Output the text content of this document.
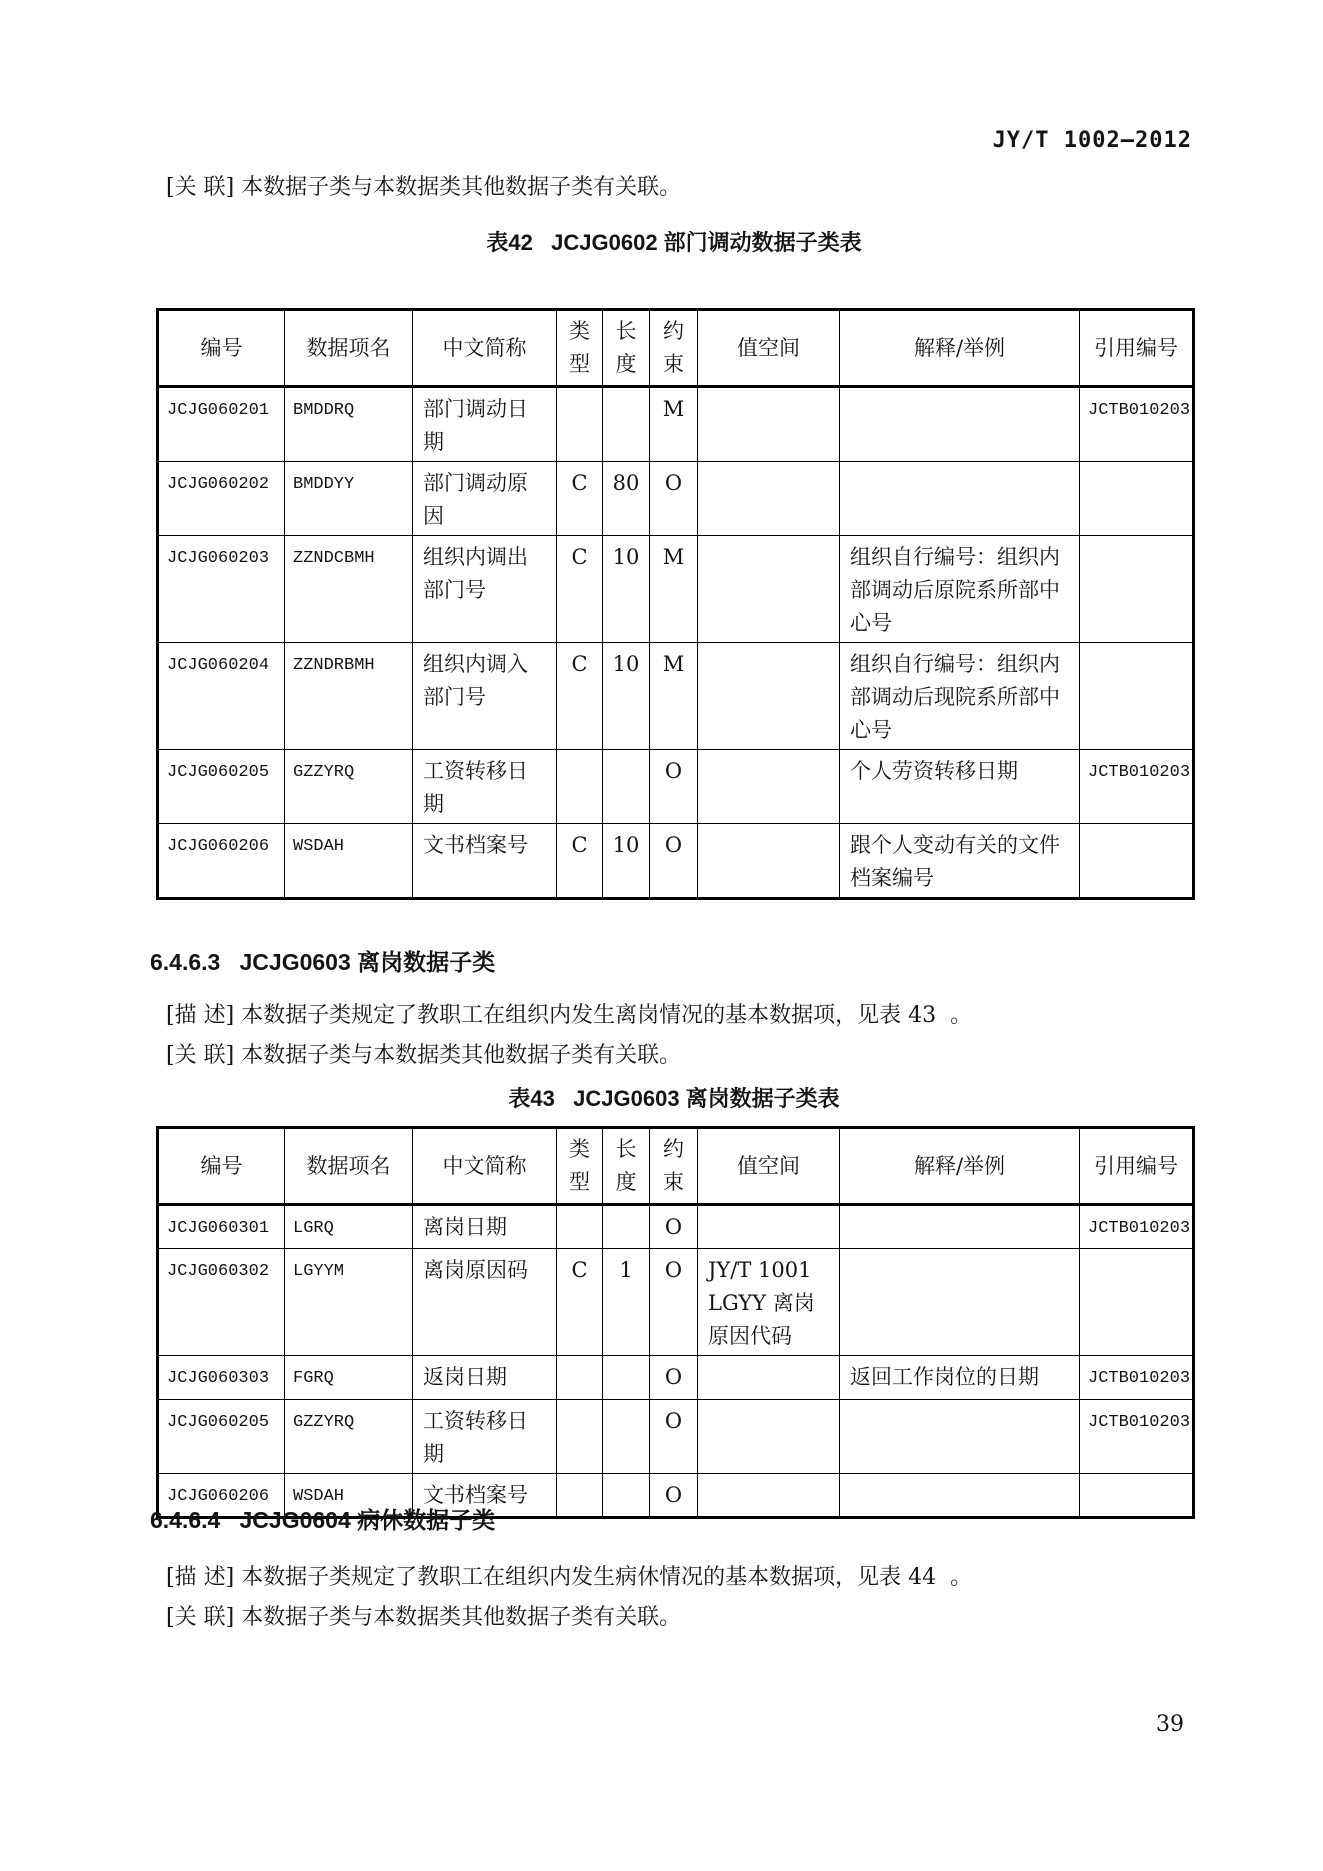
JY/T 1002—2012

[关 联] 本数据子类与本数据类其他数据子类有关联。

表42   JCJG0602 部门调动数据子类表
编号	数据项名	中文简称	类型	长度	约束	值空间	解释/举例	引用编号
JCJG060201	BMDDRQ	部门调动日期			M			JCTB010203
JCJG060202	BMDDYY	部门调动原因	C	80	O			
JCJG060203	ZZNDCBMH	组织内调出部门号	C	10	M		组织自行编号：组织内部调动后原院系所部中心号	
JCJG060204	ZZNDRBMH	组织内调入部门号	C	10	M		组织自行编号：组织内部调动后现院系所部中心号	
JCJG060205	GZZYRQ	工资转移日期			O		个人劳资转移日期	JCTB010203
JCJG060206	WSDAH	文书档案号	C	10	O		跟个人变动有关的文件档案编号	
6.4.6.3   JCJG0603 离岗数据子类

[描 述] 本数据子类规定了教职工在组织内发生离岗情况的基本数据项，见表 43  。

[关 联] 本数据子类与本数据类其他数据子类有关联。

表43   JCJG0603 离岗数据子类表
编号	数据项名	中文简称	类型	长度	约束	值空间	解释/举例	引用编号
JCJG060301	LGRQ	离岗日期			O			JCTB010203
JCJG060302	LGYYM	离岗原因码	C	1	O	JY/T 1001 LGYY 离岗原因代码		
JCJG060303	FGRQ	返岗日期			O		返回工作岗位的日期	JCTB010203
JCJG060205	GZZYRQ	工资转移日期			O			JCTB010203
JCJG060206	WSDAH	文书档案号			O			
6.4.6.4   JCJG0604 病休数据子类

[描 述] 本数据子类规定了教职工在组织内发生病休情况的基本数据项，见表 44  。

[关 联] 本数据子类与本数据类其他数据子类有关联。

39
